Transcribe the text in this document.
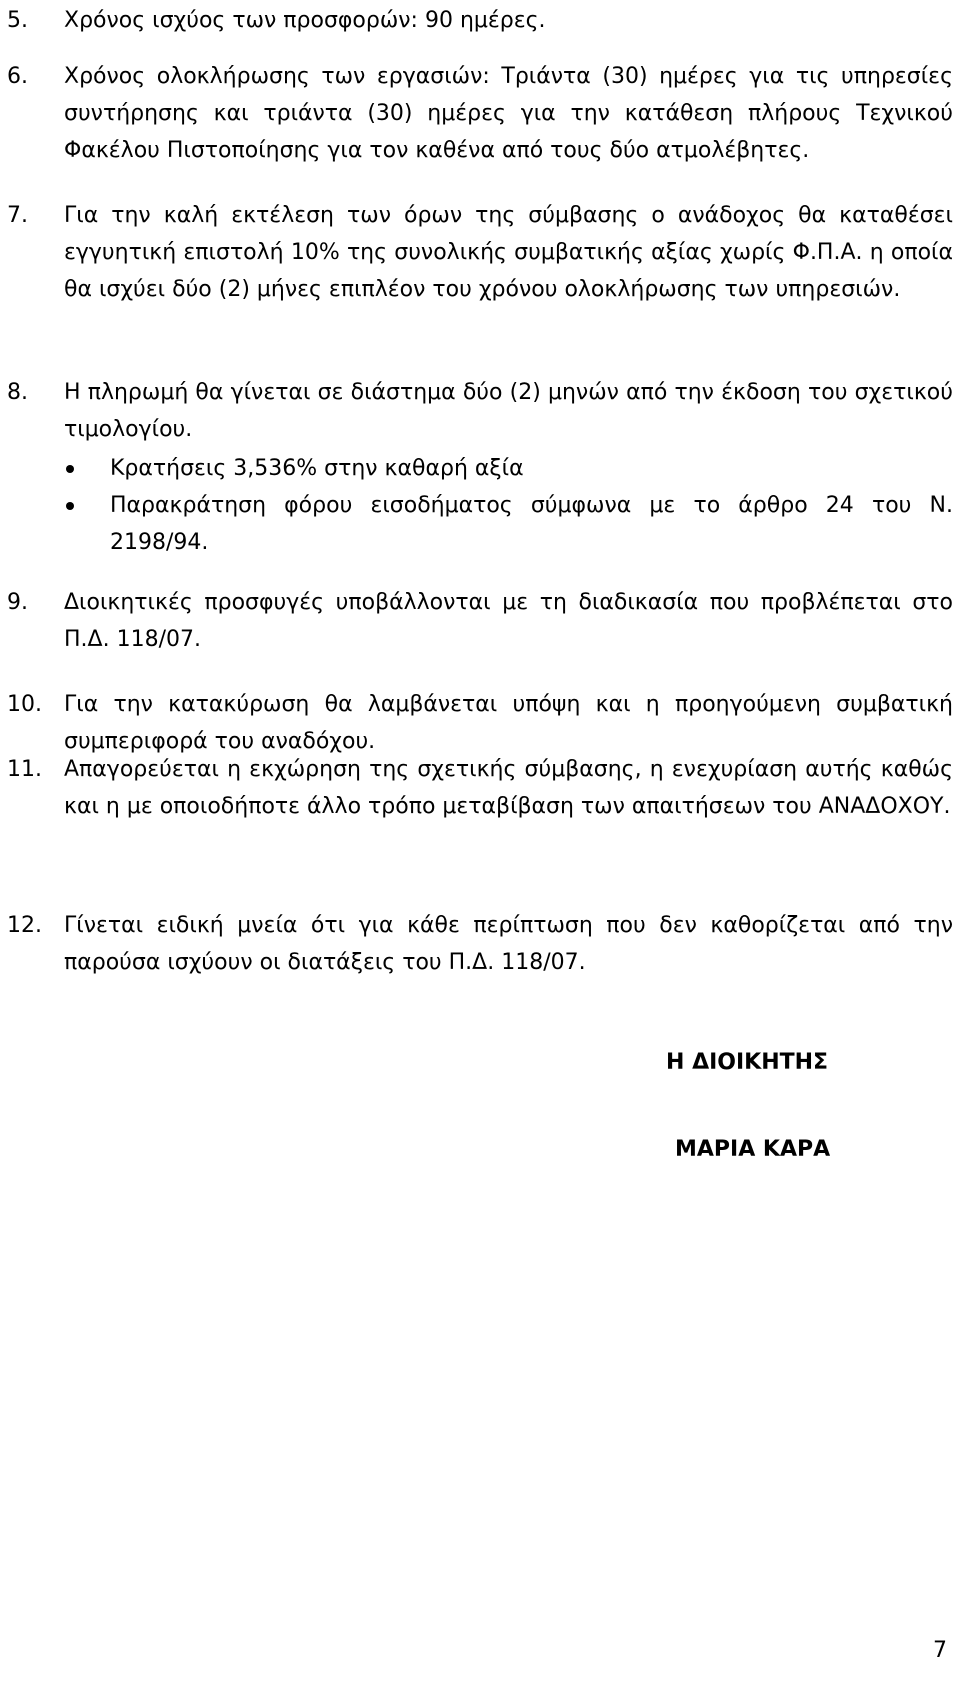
5. Χρόνος ισχύος των προσφορών: 90 ημέρες.
6. Χρόνος ολοκλήρωσης των εργασιών: Τριάντα (30) ημέρες για τις υπηρεσίες συντήρησης και τριάντα (30) ημέρες για την κατάθεση πλήρους Τεχνικού Φακέλου Πιστοποίησης για τον καθένα από τους δύο ατμολέβητες.
7. Για την καλή εκτέλεση των όρων της σύμβασης ο ανάδοχος θα καταθέσει εγγυητική επιστολή 10% της συνολικής συμβατικής αξίας χωρίς Φ.Π.Α. η οποία θα ισχύει δύο (2) μήνες επιπλέον του χρόνου ολοκλήρωσης των υπηρεσιών.
8. Η πληρωμή θα γίνεται σε διάστημα δύο (2) μηνών από την έκδοση του σχετικού τιμολογίου.
Κρατήσεις 3,536% στην καθαρή αξία
Παρακράτηση φόρου εισοδήματος σύμφωνα με το άρθρο 24 του Ν. 2198/94.
9. Διοικητικές προσφυγές υποβάλλονται με τη διαδικασία που προβλέπεται στο Π.Δ. 118/07.
10. Για την κατακύρωση θα λαμβάνεται υπόψη και η προηγούμενη συμβατική συμπεριφορά του αναδόχου.
11. Απαγορεύεται η εκχώρηση της σχετικής σύμβασης, η ενεχυρίαση αυτής καθώς και η με οποιοδήποτε άλλο τρόπο μεταβίβαση των απαιτήσεων του ΑΝΑΔΟΧΟΥ.
12. Γίνεται ειδική μνεία ότι για κάθε περίπτωση που δεν καθορίζεται από την παρούσα ισχύουν οι διατάξεις του Π.Δ. 118/07.
Η ΔΙΟΙΚΗΤΗΣ
ΜΑΡΙΑ ΚΑΡΑ
7
